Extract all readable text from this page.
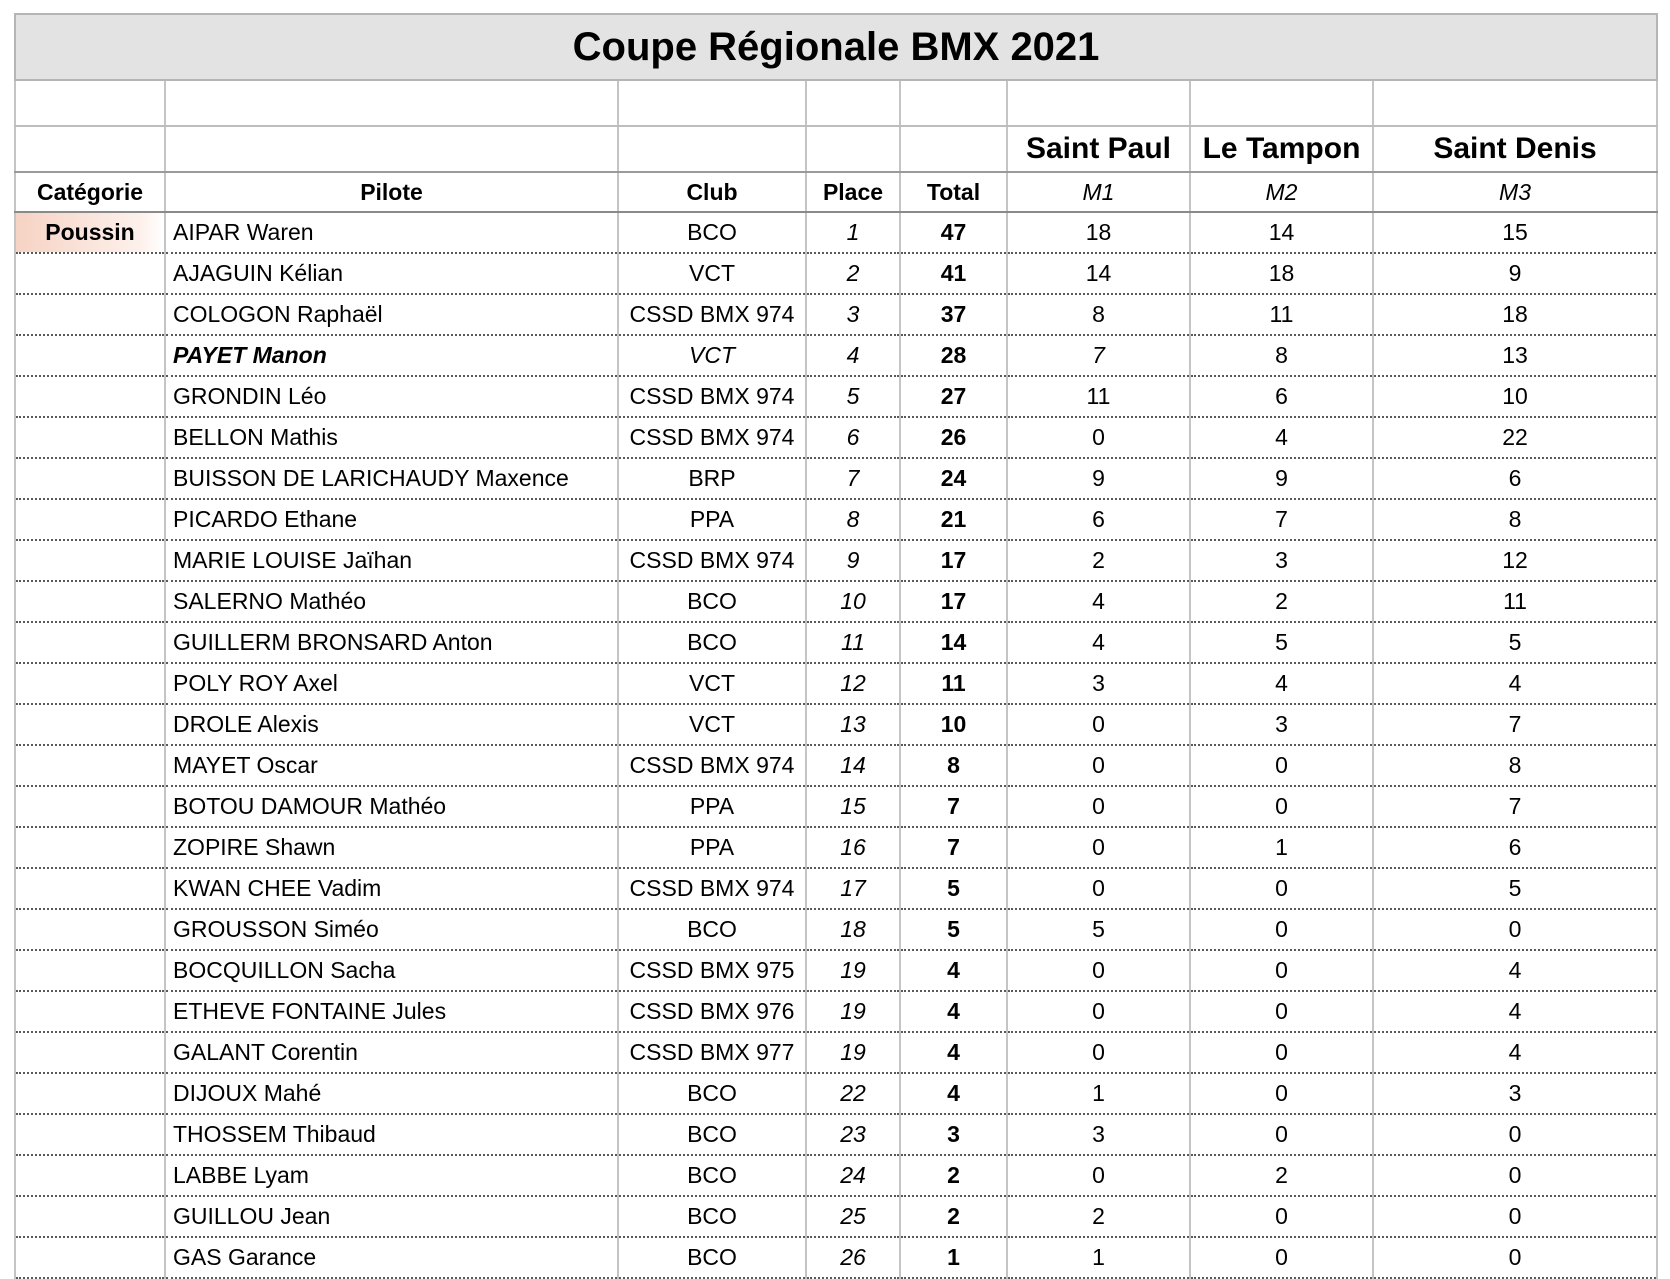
Coupe Régionale BMX 2021							

					Saint Paul	Le Tampon	Saint Denis
Catégorie	Pilote	Club	Place	Total	M1	M2	M3
Poussin	AIPAR Waren	BCO	1	47	18	14	15
	AJAGUIN Kélian	VCT	2	41	14	18	9
	COLOGON Raphaël	CSSD BMX 974	3	37	8	11	18
	PAYET Manon	VCT	4	28	7	8	13
	GRONDIN Léo	CSSD BMX 974	5	27	11	6	10
	BELLON Mathis	CSSD BMX 974	6	26	0	4	22
	BUISSON DE LARICHAUDY Maxence	BRP	7	24	9	9	6
	PICARDO Ethane	PPA	8	21	6	7	8
	MARIE LOUISE Jaïhan	CSSD BMX 974	9	17	2	3	12
	SALERNO Mathéo	BCO	10	17	4	2	11
	GUILLERM BRONSARD Anton	BCO	11	14	4	5	5
	POLY ROY Axel	VCT	12	11	3	4	4
	DROLE Alexis	VCT	13	10	0	3	7
	MAYET Oscar	CSSD BMX 974	14	8	0	0	8
	BOTOU DAMOUR Mathéo	PPA	15	7	0	0	7
	ZOPIRE Shawn	PPA	16	7	0	1	6
	KWAN CHEE Vadim	CSSD BMX 974	17	5	0	0	5
	GROUSSON Siméo	BCO	18	5	5	0	0
	BOCQUILLON Sacha	CSSD BMX 975	19	4	0	0	4
	ETHEVE FONTAINE Jules	CSSD BMX 976	19	4	0	0	4
	GALANT Corentin	CSSD BMX 977	19	4	0	0	4
	DIJOUX Mahé	BCO	22	4	1	0	3
	THOSSEM Thibaud	BCO	23	3	3	0	0
	LABBE Lyam	BCO	24	2	0	2	0
	GUILLOU Jean	BCO	25	2	2	0	0
	GAS Garance	BCO	26	1	1	0	0
